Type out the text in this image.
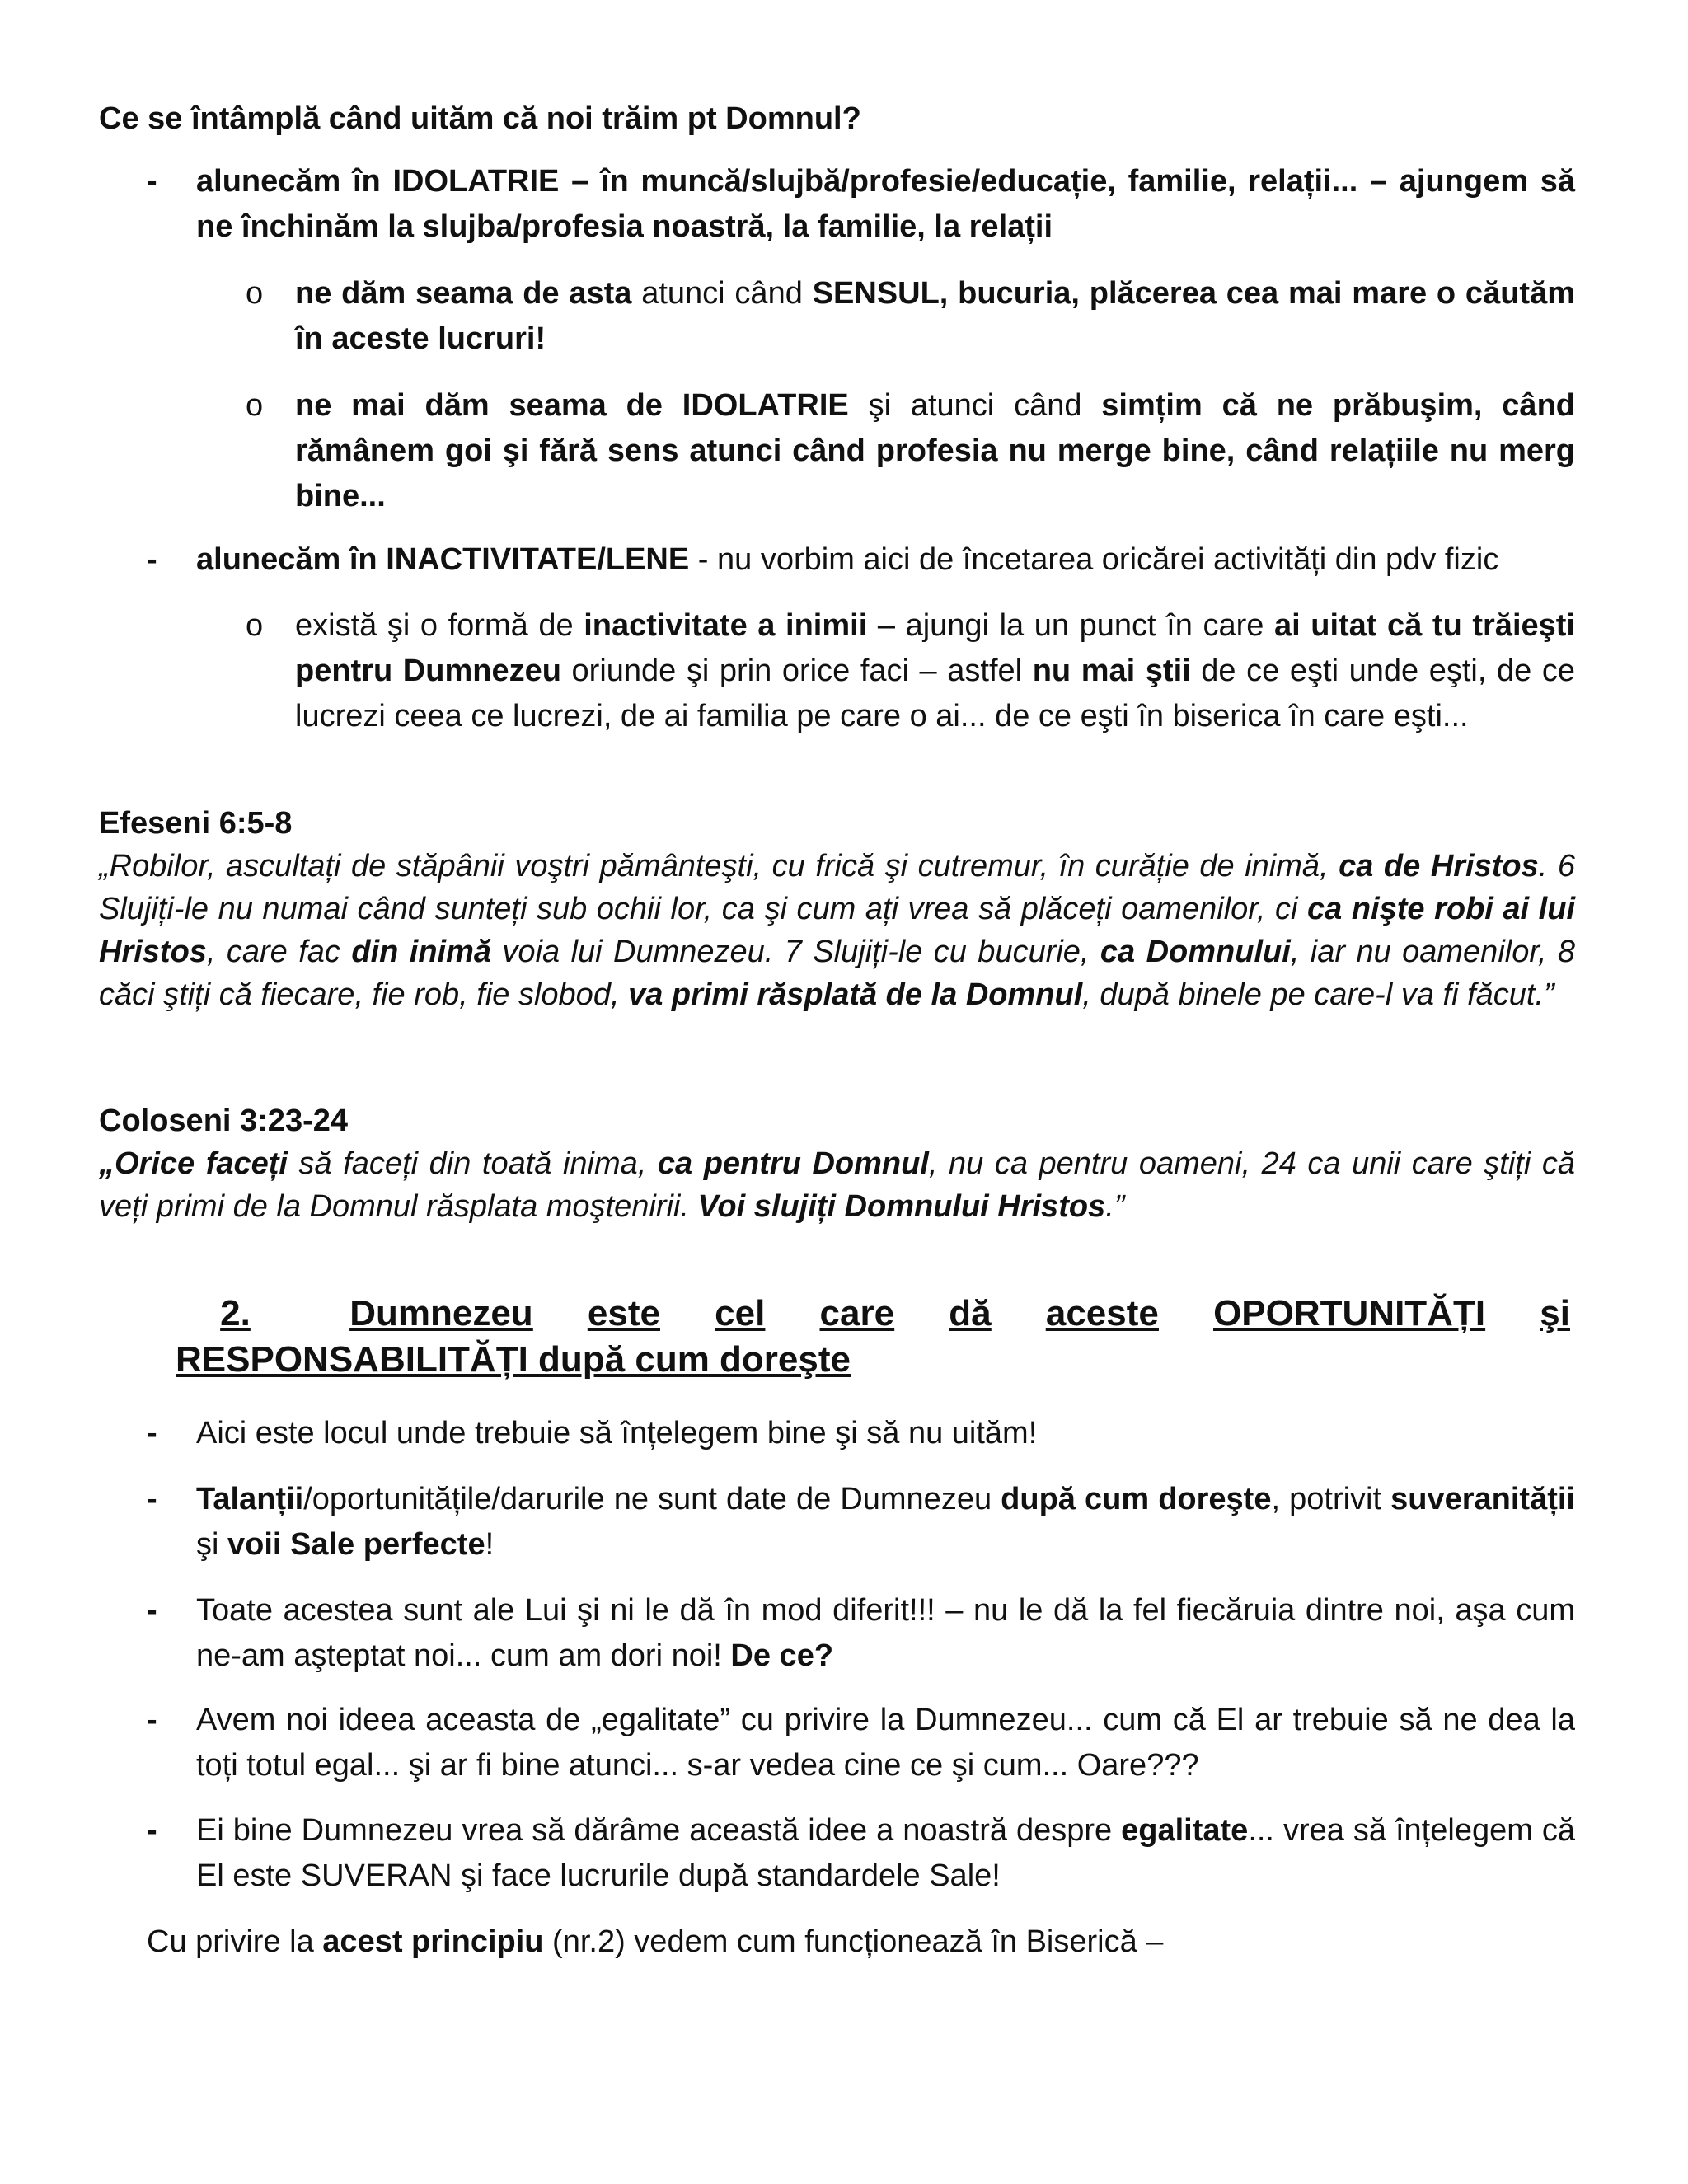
Ce se întâmplă când uităm că noi trăim pt Domnul?

- alunecăm în IDOLATRIE – în muncă/slujbă/profesie/educație, familie, relații... – ajungem să ne închinăm la slujba/profesia noastră, la familie, la relații

o ne dăm seama de asta atunci când SENSUL, bucuria, plăcerea cea mai mare o căutăm în aceste lucruri!

o ne mai dăm seama de IDOLATRIE şi atunci când simțim că ne prăbuşim, când rămânem goi şi fără sens atunci când profesia nu merge bine, când relațiile nu merg bine...

- alunecăm în INACTIVITATE/LENE - nu vorbim aici de încetarea oricărei activități din pdv fizic

o există şi o formă de inactivitate a inimii – ajungi la un punct în care ai uitat că tu trăieşti pentru Dumnezeu oriunde şi prin orice faci – astfel nu mai ştii de ce eşti unde eşti, de ce lucrezi ceea ce lucrezi, de ai familia pe care o ai... de ce eşti în biserica în care eşti...

Efeseni 6:5-8

„Robilor, ascultați de stăpânii voştri pământeşti, cu frică şi cutremur, în curăție de inimă, ca de Hristos. 6 Slujiți-le nu numai când sunteți sub ochii lor, ca şi cum ați vrea să plăceți oamenilor, ci ca nişte robi ai lui Hristos, care fac din inimă voia lui Dumnezeu. 7 Slujiți-le cu bucurie, ca Domnului, iar nu oamenilor, 8 căci ştiți că fiecare, fie rob, fie slobod, va primi răsplată de la Domnul, după binele pe care-l va fi făcut.”

Coloseni 3:23-24

„Orice faceți să faceți din toată inima, ca pentru Domnul, nu ca pentru oameni, 24 ca unii care ştiți că veți primi de la Domnul răsplata moştenirii. Voi slujiți Domnului Hristos.”

2.	Dumnezeu este cel care dă aceste OPORTUNITĂȚI şi
RESPONSABILITĂȚI după cum doreşte
- Aici este locul unde trebuie să înțelegem bine şi să nu uităm!

- Talanții/oportunitățile/darurile ne sunt date de Dumnezeu după cum doreşte, potrivit suveranității şi voii Sale perfecte!

- Toate acestea sunt ale Lui şi ni le dă în mod diferit!!! – nu le dă la fel fiecăruia dintre noi, aşa cum ne-am aşteptat noi... cum am dori noi! De ce?

- Avem noi ideea aceasta de „egalitate” cu privire la Dumnezeu... cum că El ar trebuie să ne dea la toți totul egal... şi ar fi bine atunci... s-ar vedea cine ce şi cum... Oare???

- Ei bine Dumnezeu vrea să dărâme această idee a noastră despre egalitate... vrea să înțelegem că El este SUVERAN şi face lucrurile după standardele Sale!

Cu privire la acest principiu (nr.2) vedem cum funcționează în Biserică –
